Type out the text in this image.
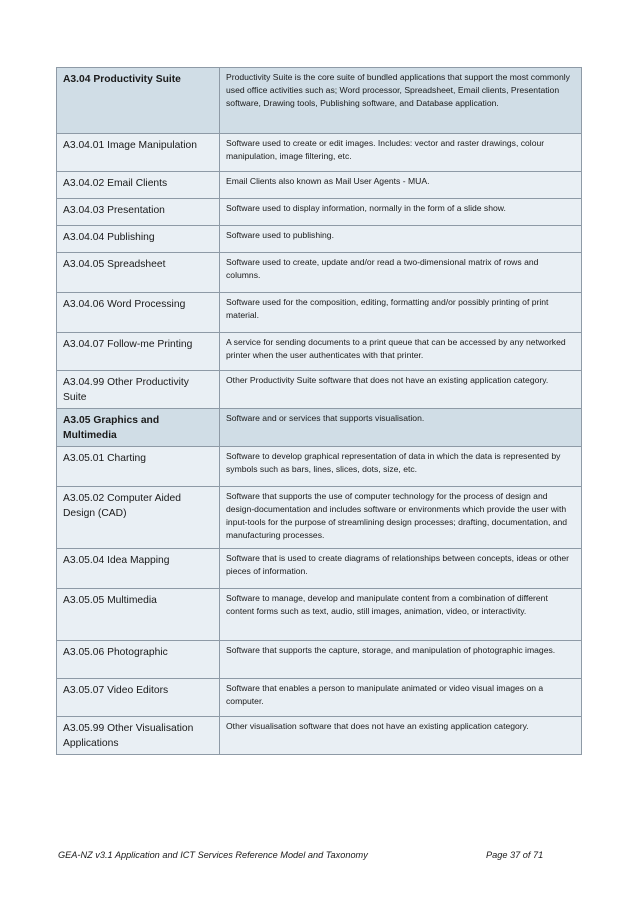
A3.04 Productivity Suite	Productivity Suite is the core suite of bundled applications that support the most commonly used office activities such as; Word processor, Spreadsheet, Email clients, Presentation software, Drawing tools, Publishing software, and Database application.
A3.04.01 Image Manipulation	Software used to create or edit images. Includes: vector and raster drawings, colour manipulation, image filtering, etc.
A3.04.02 Email Clients	Email Clients also known as Mail User Agents - MUA.
A3.04.03 Presentation	Software used to display information, normally in the form of a slide show.
A3.04.04 Publishing	Software used to publishing.
A3.04.05 Spreadsheet	Software used to create, update and/or read a two-dimensional matrix of rows and columns.
A3.04.06 Word Processing	Software used for the composition, editing, formatting and/or possibly printing of print material.
A3.04.07 Follow-me Printing	A service for sending documents to a print queue that can be accessed by any networked printer when the user authenticates with that printer.
A3.04.99 Other Productivity Suite	Other Productivity Suite software that does not have an existing application category.
A3.05 Graphics and Multimedia	Software and or services that supports visualisation.
A3.05.01 Charting	Software to develop graphical representation of data in which the data is represented by symbols such as bars, lines, slices, dots, size, etc.
A3.05.02 Computer Aided Design (CAD)	Software that supports the use of computer technology for the process of design and design-documentation and includes software or environments which provide the user with input-tools for the purpose of streamlining design processes; drafting, documentation, and manufacturing processes.
A3.05.04 Idea Mapping	Software that is used to create diagrams of relationships between concepts, ideas or other pieces of information.
A3.05.05 Multimedia	Software to manage, develop and manipulate content from a combination of different content forms such as text, audio, still images, animation, video, or interactivity.
A3.05.06 Photographic	Software that supports the capture, storage, and manipulation of photographic images.
A3.05.07 Video Editors	Software that enables a person to manipulate animated or video visual images on a computer.
A3.05.99 Other Visualisation Applications	Other visualisation software that does not have an existing application category.
GEA-NZ v3.1 Application and ICT Services Reference Model and Taxonomy	Page 37 of 71
